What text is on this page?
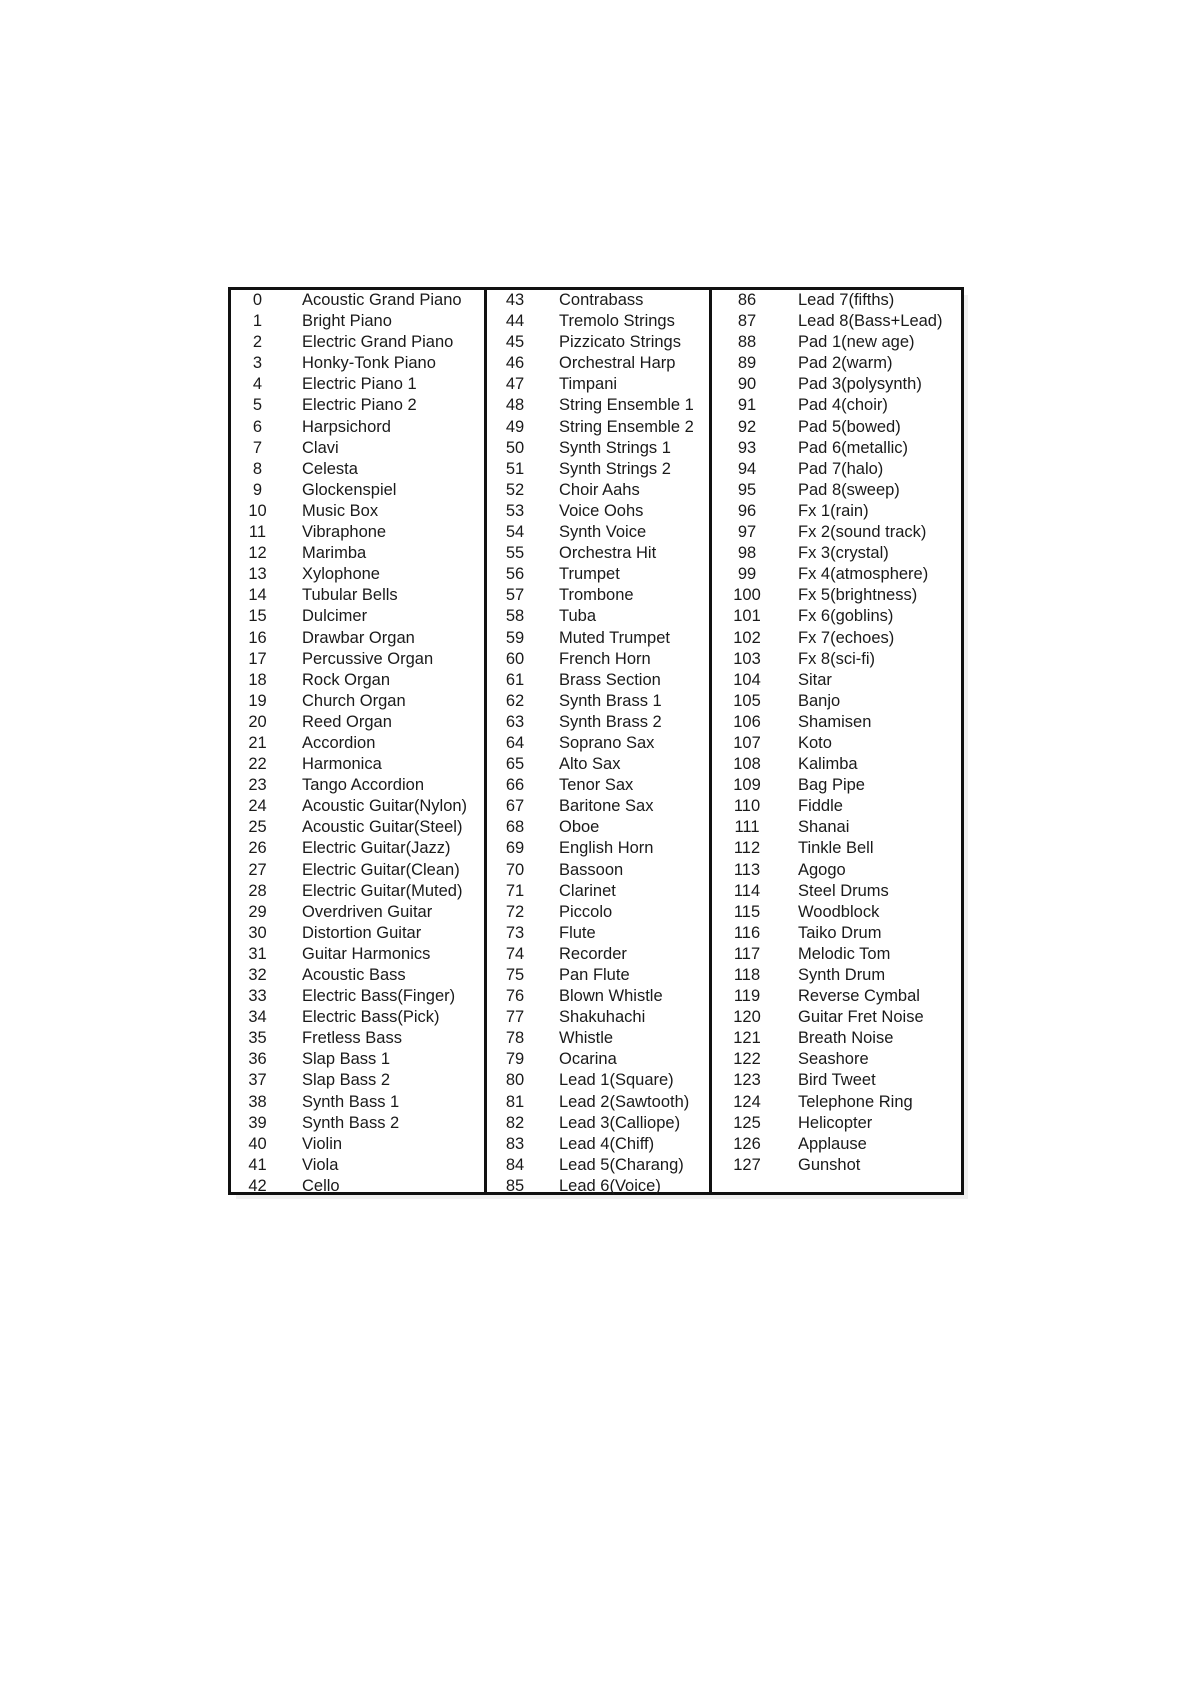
0	Acoustic Grand Piano
1	Bright Piano
2	Electric Grand Piano
3	Honky-Tonk Piano
4	Electric Piano 1
5	Electric Piano 2
6	Harpsichord
7	Clavi
8	Celesta
9	Glockenspiel
10	Music Box
11	Vibraphone
12	Marimba
13	Xylophone
14	Tubular Bells
15	Dulcimer
16	Drawbar Organ
17	Percussive Organ
18	Rock Organ
19	Church Organ
20	Reed Organ
21	Accordion
22	Harmonica
23	Tango Accordion
24	Acoustic Guitar(Nylon)
25	Acoustic Guitar(Steel)
26	Electric Guitar(Jazz)
27	Electric Guitar(Clean)
28	Electric Guitar(Muted)
29	Overdriven Guitar
30	Distortion Guitar
31	Guitar Harmonics
32	Acoustic Bass
33	Electric Bass(Finger)
34	Electric Bass(Pick)
35	Fretless Bass
36	Slap Bass 1
37	Slap Bass 2
38	Synth Bass 1
39	Synth Bass 2
40	Violin
41	Viola
42	Cello
43	Contrabass
44	Tremolo Strings
45	Pizzicato Strings
46	Orchestral Harp
47	Timpani
48	String Ensemble 1
49	String Ensemble 2
50	Synth Strings 1
51	Synth Strings 2
52	Choir Aahs
53	Voice Oohs
54	Synth Voice
55	Orchestra Hit
56	Trumpet
57	Trombone
58	Tuba
59	Muted Trumpet
60	French Horn
61	Brass Section
62	Synth Brass 1
63	Synth Brass 2
64	Soprano Sax
65	Alto Sax
66	Tenor Sax
67	Baritone Sax
68	Oboe
69	English Horn
70	Bassoon
71	Clarinet
72	Piccolo
73	Flute
74	Recorder
75	Pan Flute
76	Blown Whistle
77	Shakuhachi
78	Whistle
79	Ocarina
80	Lead 1(Square)
81	Lead 2(Sawtooth)
82	Lead 3(Calliope)
83	Lead 4(Chiff)
84	Lead 5(Charang)
85	Lead 6(Voice)
86	Lead 7(fifths)
87	Lead 8(Bass+Lead)
88	Pad 1(new age)
89	Pad 2(warm)
90	Pad 3(polysynth)
91	Pad 4(choir)
92	Pad 5(bowed)
93	Pad 6(metallic)
94	Pad 7(halo)
95	Pad 8(sweep)
96	Fx 1(rain)
97	Fx 2(sound track)
98	Fx 3(crystal)
99	Fx 4(atmosphere)
100	Fx 5(brightness)
101	Fx 6(goblins)
102	Fx 7(echoes)
103	Fx 8(sci-fi)
104	Sitar
105	Banjo
106	Shamisen
107	Koto
108	Kalimba
109	Bag Pipe
110	Fiddle
111	Shanai
112	Tinkle Bell
113	Agogo
114	Steel Drums
115	Woodblock
116	Taiko Drum
117	Melodic Tom
118	Synth Drum
119	Reverse Cymbal
120	Guitar Fret Noise
121	Breath Noise
122	Seashore
123	Bird Tweet
124	Telephone Ring
125	Helicopter
126	Applause
127	Gunshot
